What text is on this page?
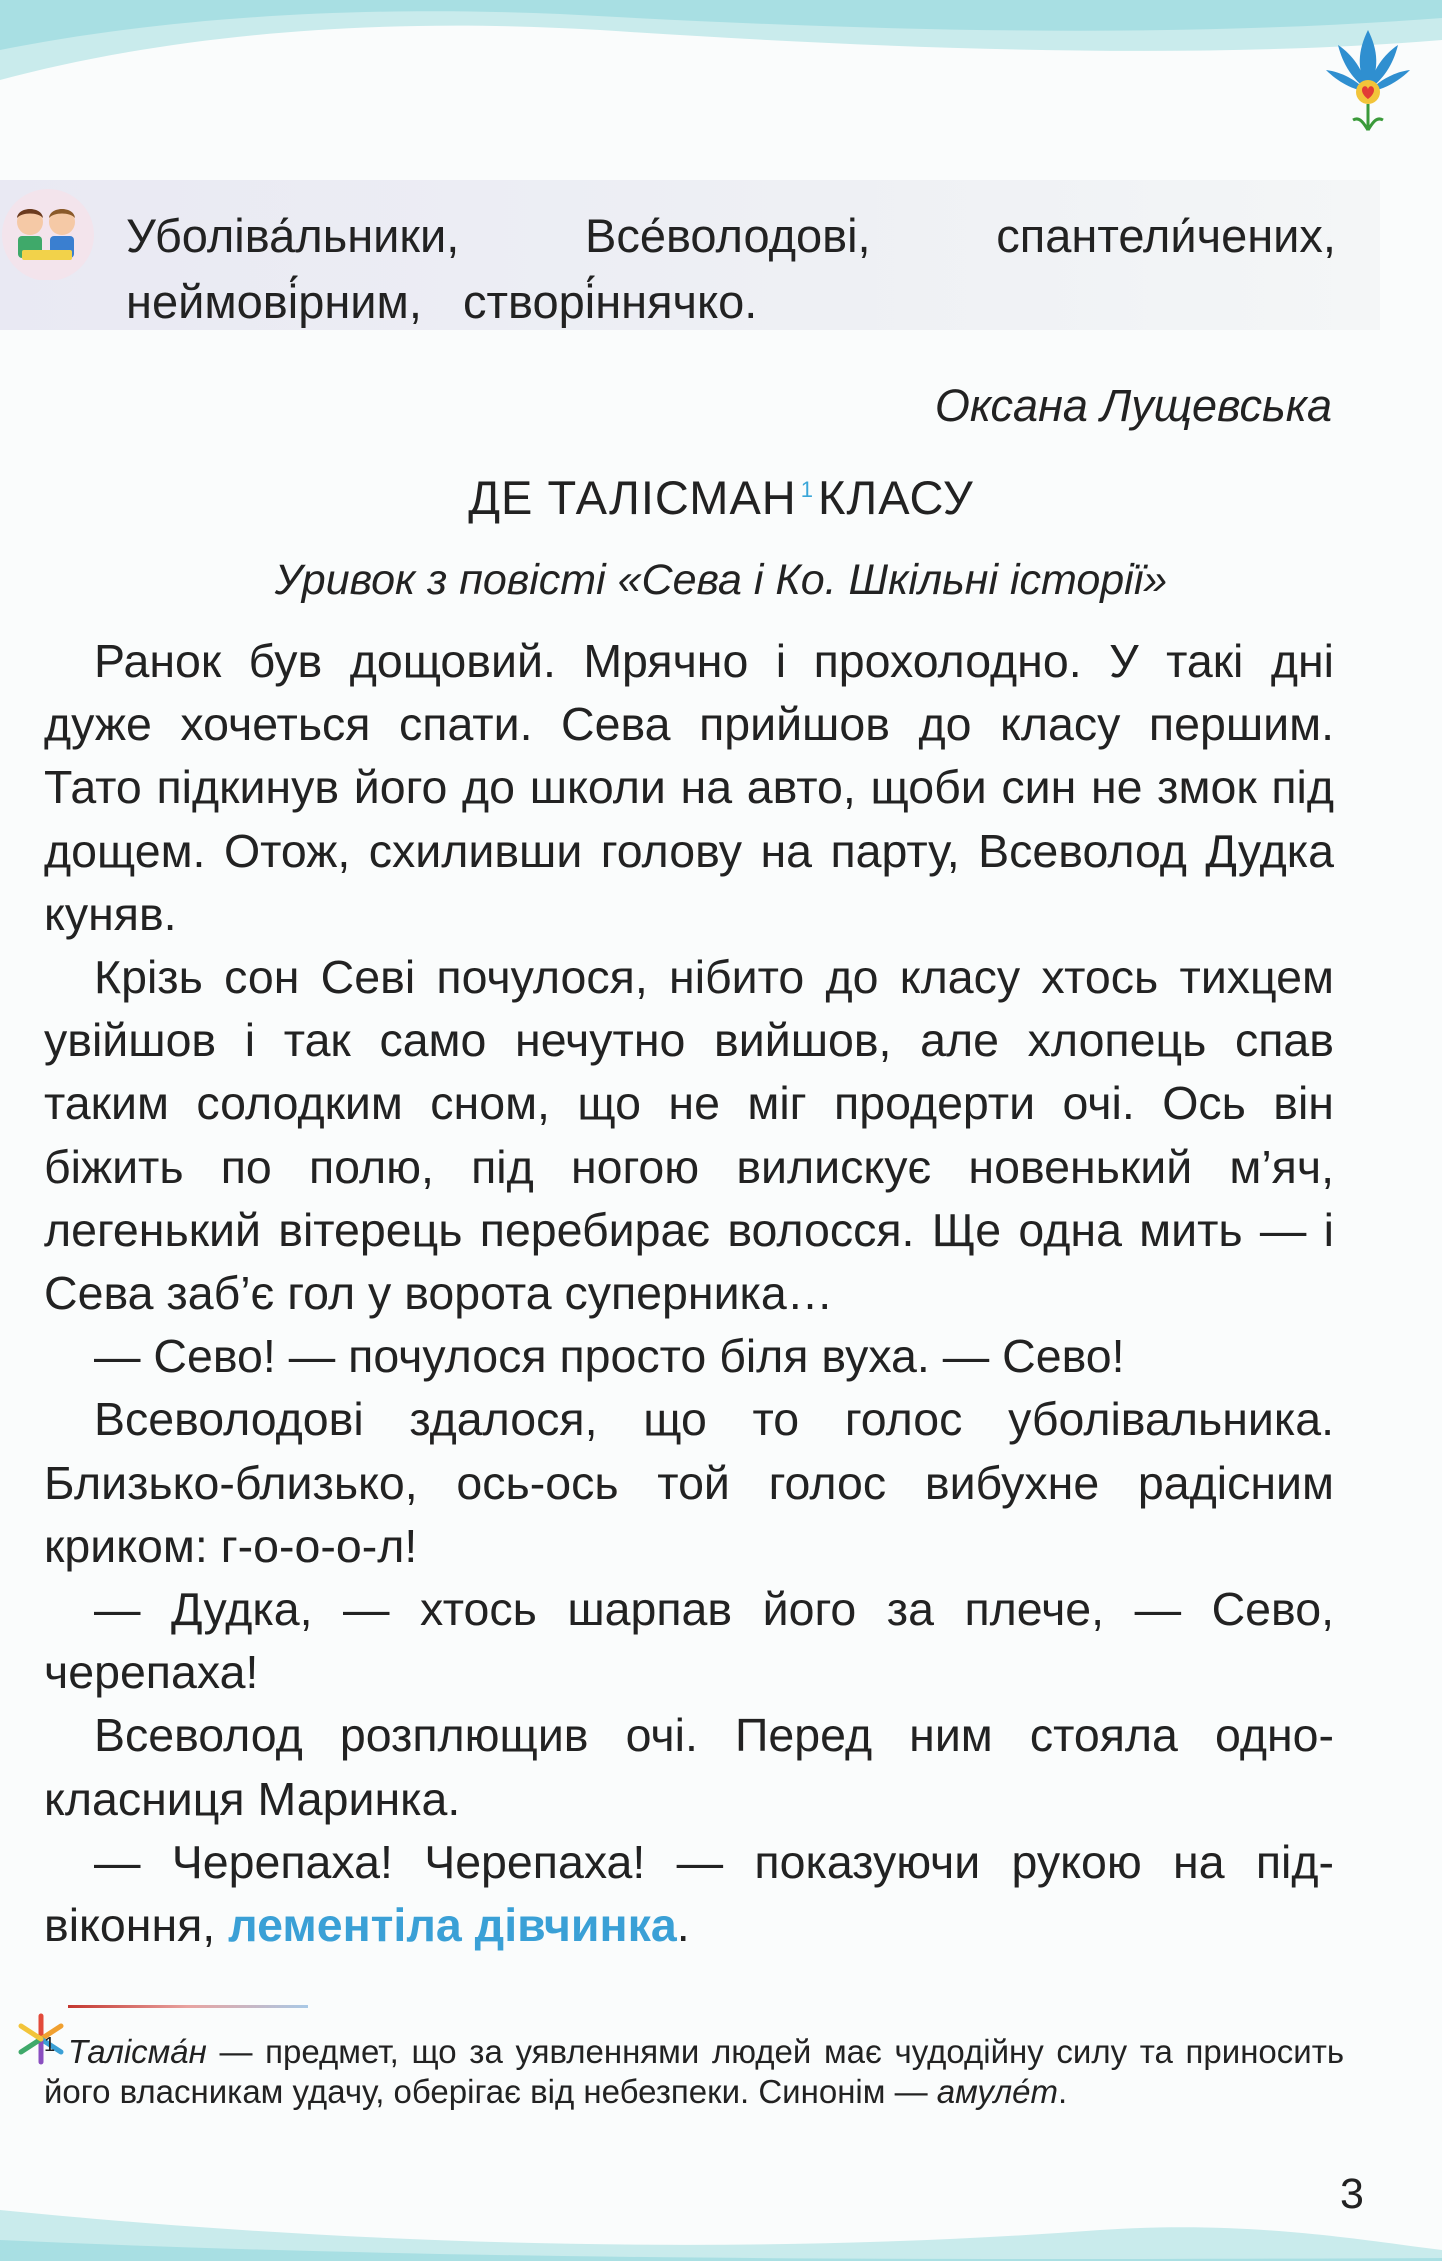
Уболіва́льники,	Все́володові,	спантели́чених,
неймові́рним, створі́ннячко.
Оксана Лущевська
ДЕ ТАЛІСМАН $^1$КЛАСУ
Уривок з повісті «Сева і Ко. Шкільні історії»

Ранок був дощовий. Мрячно і прохолодно. У такі дні дуже хочеться спати. Сева прийшов до класу першим. Тато підкинув його до школи на авто, щоби син не змок під дощем. Отож, схиливши голову на парту, Всеволод Дудка куняв.

Крізь сон Севі почулося, нібито до класу хтось тихцем увійшов і так само нечутно вийшов, але хлопець спав таким солодким сном, що не міг продерти очі. Ось він біжить по полю, під ногою вилискує новенький м’яч, легенький вітерець перебирає волосся. Ще одна мить — і Сева заб’є гол у ворота суперника…

— Сево! — почулося просто біля вуха. — Сево!

Всеволодові здалося, що то голос уболівальника. Близько-близько, ось-ось той голос вибухне радісним криком: г-о-о-о-л!

— Дудка, — хтось шарпав його за плече, — Сево, черепаха!

Всеволод розплющив очі. Перед ним стояла однокласниця Маринка.

— Черепаха! Черепаха! — показуючи рукою на підвіконня, лементіла дівчинка.

$^1$ Талісма́н — предмет, що за уявленнями людей має чудодійну силу та приносить його власникам удачу, оберігає від небезпеки. Синонім — амуле́т.
3
